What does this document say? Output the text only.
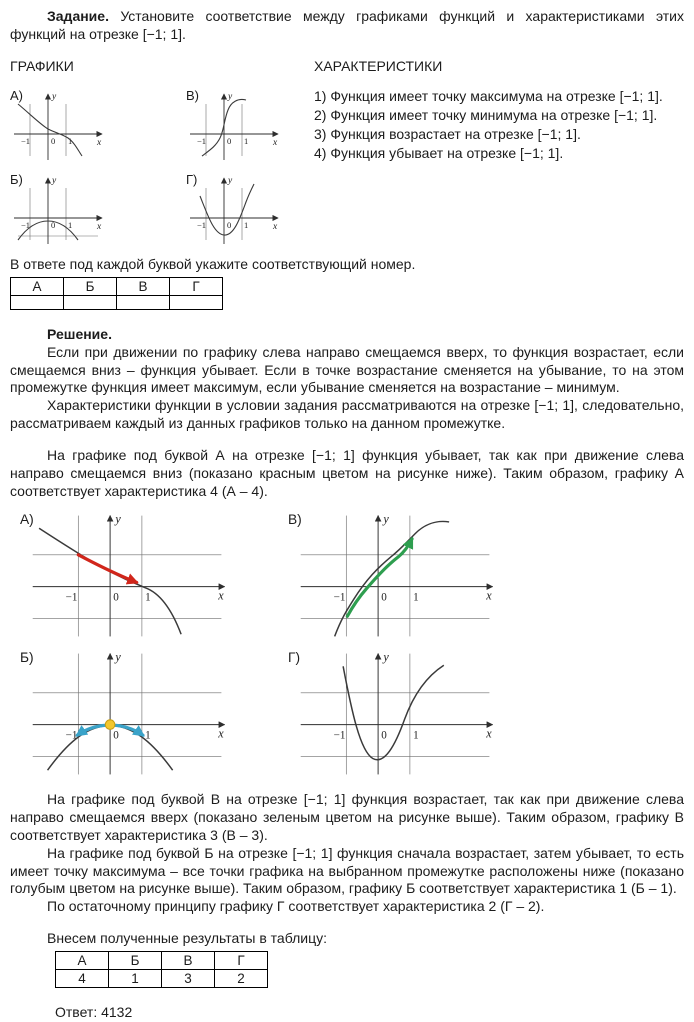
Задание. Установите соответствие между графиками функций и характеристиками этих функций на отрезке [−1; 1].

ГРАФИКИ
А)	y
x
−1 0 1
В)	y
x
−1 0 1
Б)	y
x
−1 0 1
Г)	y
x
−1 0 1
ХАРАКТЕРИСТИКИ

1) Функция имеет точку максимума на отрезке [−1; 1].

2) Функция имеет точку минимума на отрезке [−1; 1].

3) Функция возрастает на отрезке [−1; 1].

4) Функция убывает на отрезке [−1; 1].

В ответе под каждой буквой укажите соответствующий номер.

А	Б	В	Г

Решение.

Если при движении по графику слева направо смещаемся вверх, то функция возрастает, если смещаемся вниз – функция убывает. Если в точке возрастание сменяется на убывание, то на этом промежутке функция имеет максимум, если убывание сменяется на возрастание – минимум.

Характеристики функции в условии задания рассматриваются на отрезке [−1; 1], следовательно, рассматриваем каждый из данных графиков только на данном промежутке.

На графике под буквой А на отрезке [−1; 1] функция убывает, так как при движение слева направо смещаемся вниз (показано красным цветом на рисунке ниже). Таким образом, графику А соответствует характеристика 4 (А – 4).

А)	y
x
−1	0 1
В)	y
x
−1	0 1
Б)	y
x
−1	0 1
Г)	y
x
−1	0 1

На графике под буквой В на отрезке [−1; 1] функция возрастает, так как при движение слева направо смещаемся вверх (показано зеленым цветом на рисунке выше). Таким образом, графику В соответствует характеристика 3 (В – 3).

На графике под буквой Б на отрезке [−1; 1] функция сначала возрастает, затем убывает, то есть имеет точку максимума – все точки графика на выбранном промежутке расположены ниже (показано голубым цветом на рисунке выше). Таким образом, графику Б соответствует характеристика 1 (Б – 1).

По остаточному принципу графику Г соответствует характеристика 2 (Г – 2).

Внесем полученные результаты в таблицу:

А	Б	В	Г
4	1	3	2

Ответ: 4132
